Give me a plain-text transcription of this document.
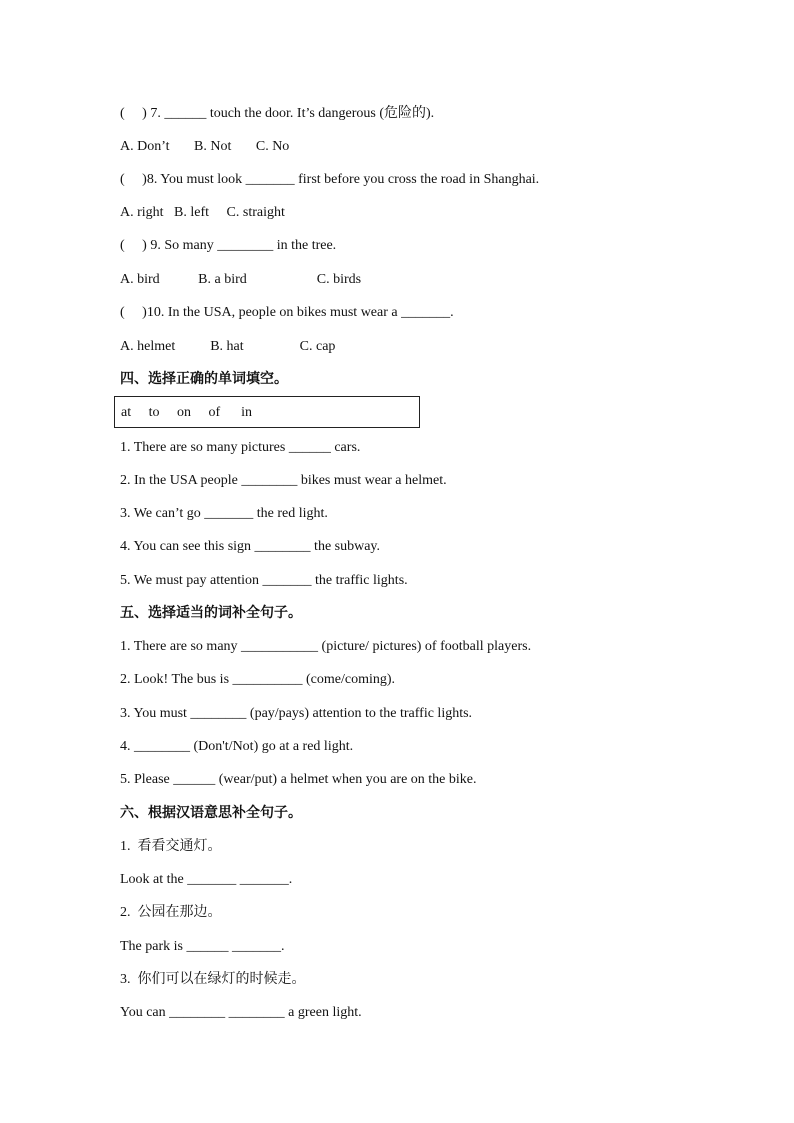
(     ) 7. ______ touch the door. It’s dangerous (危险的).
A. Don’t       B. Not       C. No
(     )8. You must look _______ first before you cross the road in Shanghai.
A. right   B. left     C. straight
(     ) 9. So many ________ in the tree.
A. bird           B. a bird                    C. birds
(     )10. In the USA, people on bikes must wear a _______.
A. helmet          B. hat                C. cap
四、选择正确的单词填空。
at     to     on     of      in
1. There are so many pictures ______ cars.
2. In the USA people ________ bikes must wear a helmet.
3. We can’t go _______ the red light.
4. You can see this sign ________ the subway.
5. We must pay attention _______ the traffic lights.
五、选择适当的词补全句子。
1. There are so many ___________ (picture/ pictures) of football players.
2. Look! The bus is __________ (come/coming).
3. You must ________ (pay/pays) attention to the traffic lights.
4. ________ (Don't/Not) go at a red light.
5. Please ______ (wear/put) a helmet when you are on the bike.
六、根据汉语意思补全句子。
1.  看看交通灯。
Look at the _______ _______.
2.  公园在那边。
The park is ______ _______.
3.  你们可以在绿灯的时候走。
You can ________ ________ a green light.
